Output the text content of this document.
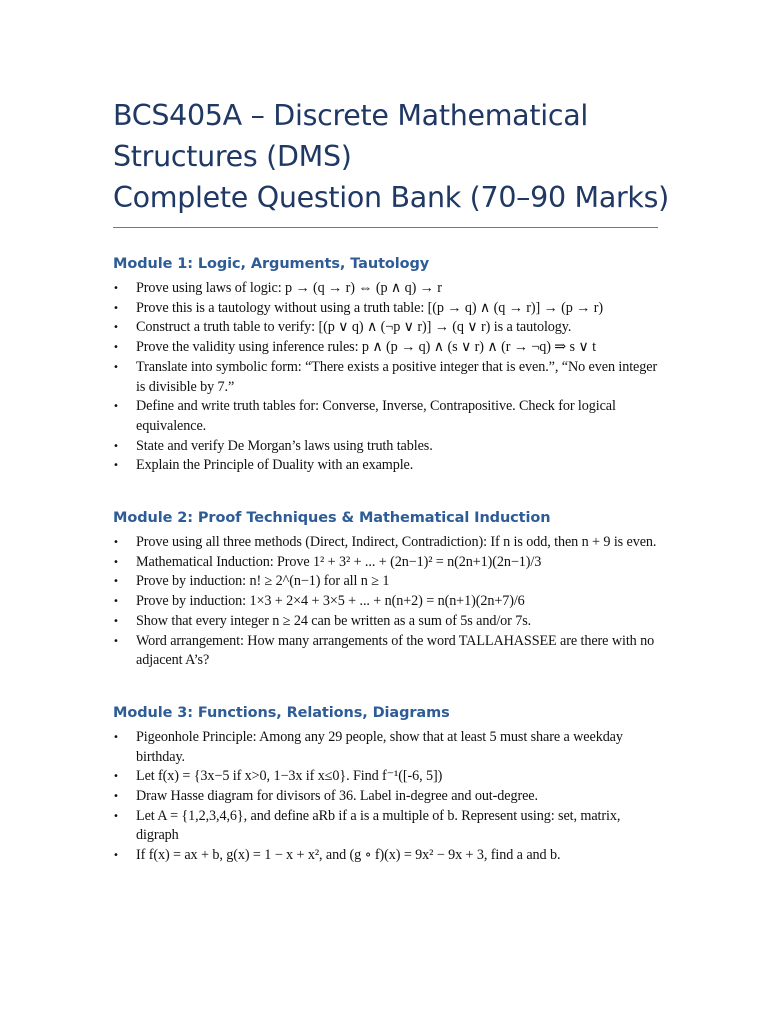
BCS405A – Discrete Mathematical
Structures (DMS)
Complete Question Bank (70–90 Marks)
Module 1: Logic, Arguments, Tautology
•	Prove using laws of logic: p → (q → r) ⇔ (p ∧ q) → r
•	Prove this is a tautology without using a truth table: [(p → q) ∧ (q → r)] → (p → r)
•	Construct a truth table to verify: [(p ∨ q) ∧ (¬p ∨ r)] → (q ∨ r) is a tautology.
•	Prove the validity using inference rules: p ∧ (p → q) ∧ (s ∨ r) ∧ (r → ¬q) ⇒ s ∨ t
•	Translate into symbolic form: “There exists a positive integer that is even.”, “No even integer is divisible by 7.”
•	Define and write truth tables for: Converse, Inverse, Contrapositive. Check for logical equivalence.
•	State and verify De Morgan’s laws using truth tables.
•	Explain the Principle of Duality with an example.
Module 2: Proof Techniques & Mathematical Induction
•	Prove using all three methods (Direct, Indirect, Contradiction): If n is odd, then n + 9 is even.
•	Mathematical Induction: Prove 1² + 3² + ... + (2n−1)² = n(2n+1)(2n−1)/3
•	Prove by induction: n! ≥ 2^(n−1) for all n ≥ 1
•	Prove by induction: 1×3 + 2×4 + 3×5 + ... + n(n+2) = n(n+1)(2n+7)/6
•	Show that every integer n ≥ 24 can be written as a sum of 5s and/or 7s.
•	Word arrangement: How many arrangements of the word TALLAHASSEE are there with no adjacent A’s?
Module 3: Functions, Relations, Diagrams
•	Pigeonhole Principle: Among any 29 people, show that at least 5 must share a weekday birthday.
•	Let f(x) = {3x−5 if x>0, 1−3x if x≤0}. Find f⁻¹([-6, 5])
•	Draw Hasse diagram for divisors of 36. Label in-degree and out-degree.
•	Let A = {1,2,3,4,6}, and define aRb if a is a multiple of b. Represent using: set, matrix, digraph
•	If f(x) = ax + b, g(x) = 1 − x + x², and (g ∘ f)(x) = 9x² − 9x + 3, find a and b.
